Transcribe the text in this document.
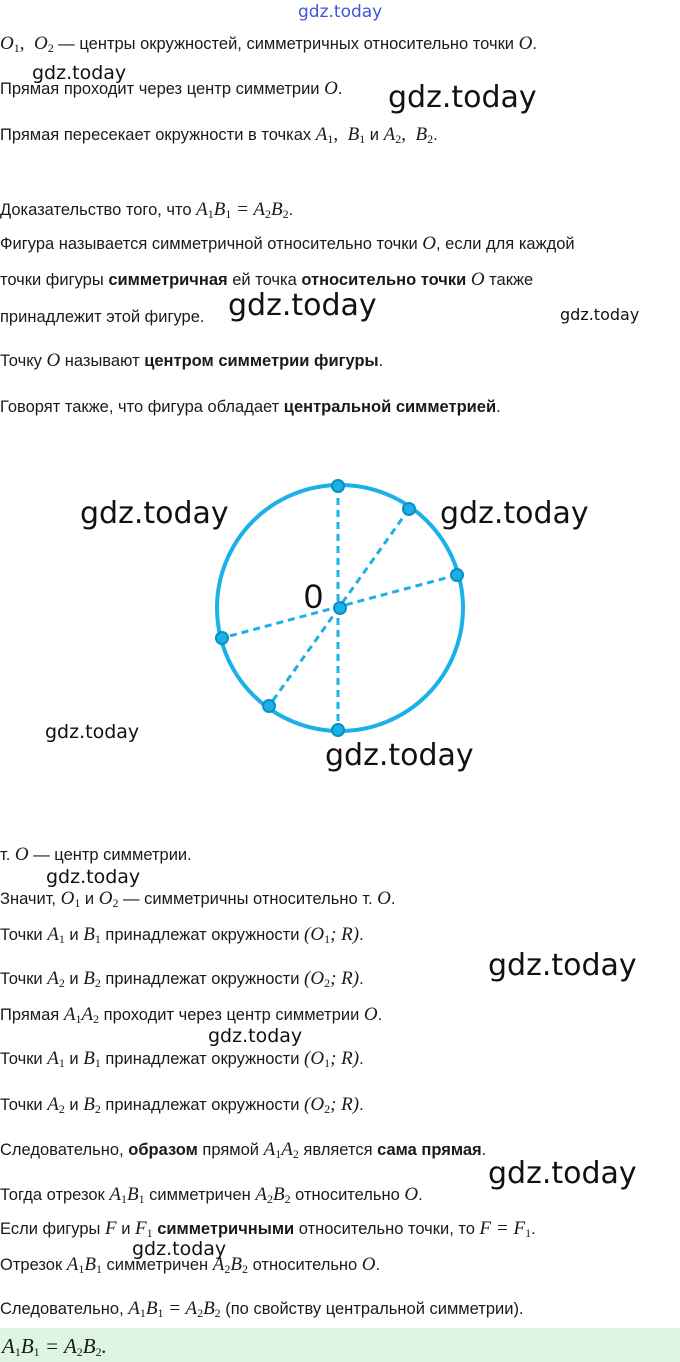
gdz.today
gdz.today
gdz.today
gdz.today	gdz.today
gdz.today	gdz.today
gdz.today
gdz.today
gdz.today
gdz.today
gdz.today
gdz.today
gdz.today
$O_1$,  $O_2$ — центры окружностей, симметричных относительно точки O.
Прямая проходит через центр симметрии O.
Прямая пересекает окружности в точках $A_1$,  $B_1$ и $A_2$,  $B_2$.
Доказательство того, что $A_1B_1 = A_2B_2$.
Фигура называется симметричной относительно точки O, если для каждой
точки фигуры симметричная ей точка относительно точки O также
принадлежит этой фигуре.
Точку O называют центром симметрии фигуры.
Говорят также, что фигура обладает центральной симметрией.
0
т. O — центр симметрии.
Значит, $O_1$ и $O_2$ — симметричны относительно т. O.
Точки $A_1$ и $B_1$ принадлежат окружности ($O_1$; R).
Точки $A_2$ и $B_2$ принадлежат окружности ($O_2$; R).
Прямая $A_1A_2$ проходит через центр симметрии O.
Точки $A_1$ и $B_1$ принадлежат окружности ($O_1$; R).
Точки $A_2$ и $B_2$ принадлежат окружности ($O_2$; R).
Следовательно, образом прямой $A_1A_2$ является сама прямая.
Тогда отрезок $A_1B_1$ симметричен $A_2B_2$ относительно O.
Если фигуры F и $F_1$ симметричными относительно точки, то $F = F_1$.
Отрезок $A_1B_1$ симметричен $A_2B_2$ относительно O.
Следовательно, $A_1B_1 = A_2B_2$ (по свойству центральной симметрии).
$A_1B_1 = A_2B_2$.
